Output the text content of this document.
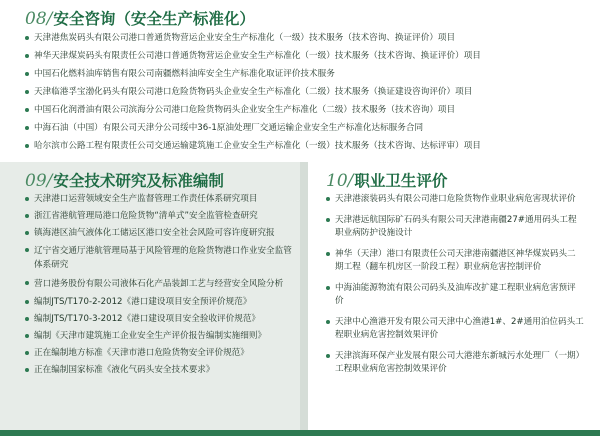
08 / 安全咨询（安全生产标准化）
天津港焦炭码头有限公司港口普通货物营运企业安全生产标准化（一级）技术服务（技术咨询、换证评价）项目
神华天津煤炭码头有限责任公司港口普通货物营运企业安全生产标准化（一级）技术服务（技术咨询、换证评价）项目
中国石化燃料油库销售有限公司南疆燃料油库安全生产标准化取证评价技术服务
天津临港孚宝渤化码头有限公司港口危险货物码头企业安全生产标准化（二级）技术服务（换证建设咨询评价）项目
中国石化润滑油有限公司滨海分公司港口危险货物码头企业安全生产标准化（二级）技术服务（技术咨询）项目
中海石油（中国）有限公司天津分公司绥中36-1原油处理厂交通运输企业安全生产标准化达标服务合同
哈尔滨市公路工程有限责任公司交通运输建筑施工企业安全生产标准化（一级）技术服务（技术咨询、达标评审）项目
09 / 安全技术研究及标准编制
天津港口运营领域安全生产监督管理工作责任体系研究项目
浙江省港航管理局港口危险货物“清单式”安全监管检查研究
镇海港区油气液体化工储运区港口安全社会风险可容许度研究报
辽宁省交通厅港航管理局基于风险管理的危险货物港口作业安全监管体系研究
营口港务股份有限公司液体石化产品装卸工艺与经营安全风险分析
编制JTS/T170-2-2012《港口建设项目安全预评价规范》
编制JTS/T170-3-2012《港口建设项目安全验收评价规范》
编制《天津市建筑施工企业安全生产评价报告编制实施细则》
正在编制地方标准《天津市港口危险货物安全评价规范》
正在编制国家标准《液化气码头安全技术要求》
10 / 职业卫生评价
天津港滚装码头有限公司港口危险货物作业职业病危害现状评价
天津港远航国际矿石码头有限公司天津港南疆27#通用码头工程职业病防护设施设计
神华（天津）港口有限责任公司天津港南疆港区神华煤炭码头二期工程（翻车机房区一阶段工程）职业病危害控制评价
中海油能源物流有限公司码头及油库改扩建工程职业病危害预评价
天津中心渔港开发有限公司天津中心渔港1#、2#通用泊位码头工程职业病危害控制效果评价
天津滨海环保产业发展有限公司大港港东新城污水处理厂（一期）工程职业病危害控制效果评价
